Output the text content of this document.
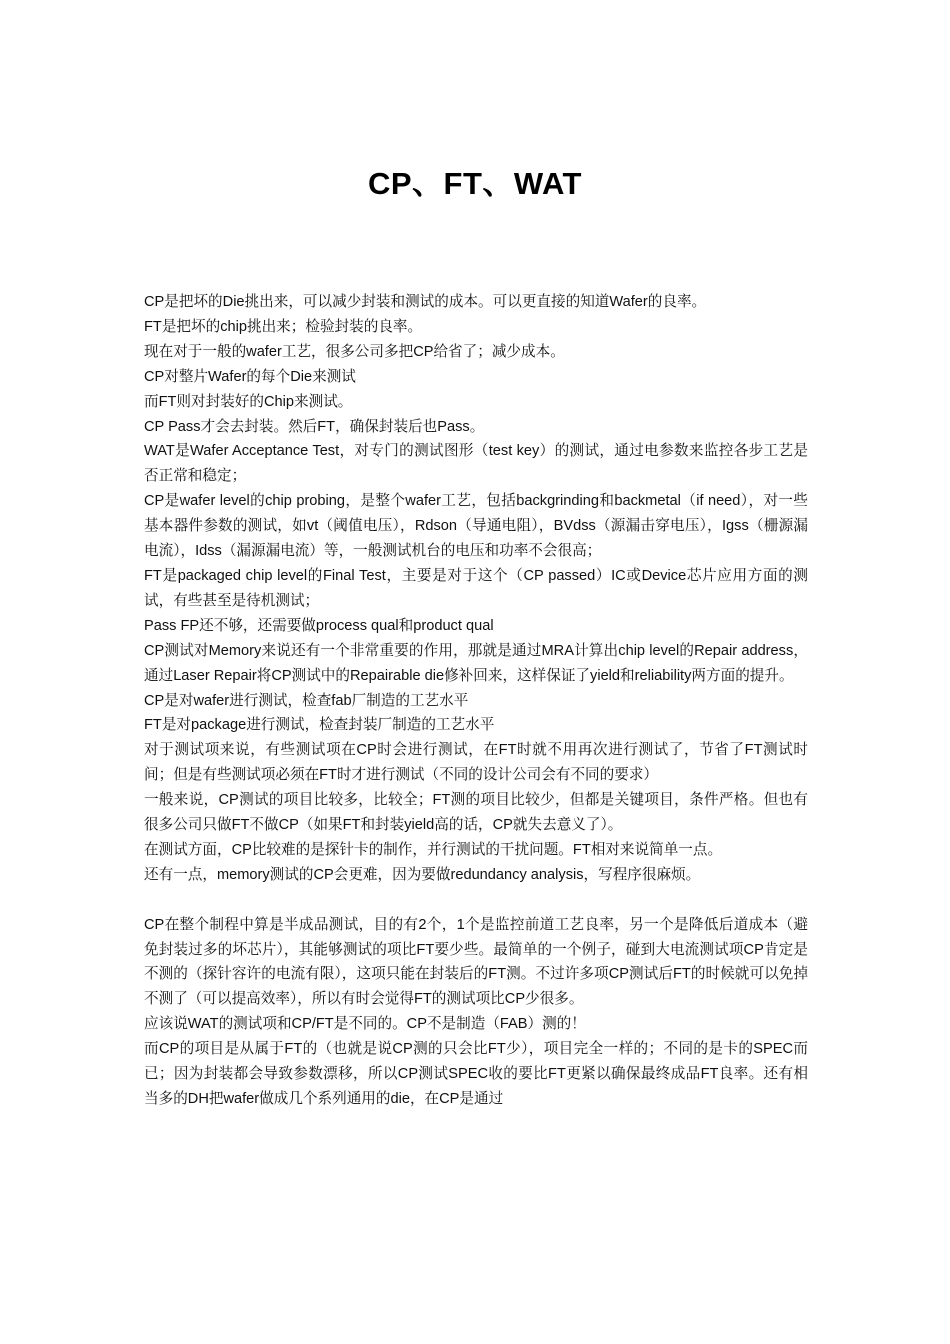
CP、FT、WAT

CP是把坏的Die挑出来，可以减少封装和测试的成本。可以更直接的知道Wafer的良率。

FT是把坏的chip挑出来；检验封装的良率。

现在对于一般的wafer工艺，很多公司多把CP给省了；减少成本。

CP对整片Wafer的每个Die来测试

而FT则对封装好的Chip来测试。

CP Pass才会去封装。然后FT，确保封装后也Pass。

WAT是Wafer Acceptance Test，对专门的测试图形（test key）的测试，通过电参数来监控各步工艺是否正常和稳定；

CP是wafer level的chip probing，是整个wafer工艺，包括backgrinding和backmetal（if need），对一些基本器件参数的测试，如vt（阈值电压），Rdson（导通电阻），BVdss（源漏击穿电压），Igss（栅源漏电流），Idss（漏源漏电流）等，一般测试机台的电压和功率不会很高；

FT是packaged chip level的Final Test，主要是对于这个（CP passed）IC或Device芯片应用方面的测试，有些甚至是待机测试；

Pass FP还不够，还需要做process qual和product qual

CP测试对Memory来说还有一个非常重要的作用，那就是通过MRA计算出chip level的Repair address，通过Laser Repair将CP测试中的Repairable die修补回来，这样保证了yield和reliability两方面的提升。

CP是对wafer进行测试，检查fab厂制造的工艺水平

FT是对package进行测试，检查封装厂制造的工艺水平

对于测试项来说，有些测试项在CP时会进行测试，在FT时就不用再次进行测试了，节省了FT测试时间；但是有些测试项必须在FT时才进行测试（不同的设计公司会有不同的要求）

一般来说，CP测试的项目比较多，比较全；FT测的项目比较少，但都是关键项目，条件严格。但也有很多公司只做FT不做CP（如果FT和封装yield高的话，CP就失去意义了）。

在测试方面，CP比较难的是探针卡的制作，并行测试的干扰问题。FT相对来说简单一点。

还有一点，memory测试的CP会更难，因为要做redundancy analysis，写程序很麻烦。

CP在整个制程中算是半成品测试，目的有2个，1个是监控前道工艺良率，另一个是降低后道成本（避免封装过多的坏芯片），其能够测试的项比FT要少些。最简单的一个例子，碰到大电流测试项CP肯定是不测的（探针容许的电流有限），这项只能在封装后的FT测。不过许多项CP测试后FT的时候就可以免掉不测了（可以提高效率），所以有时会觉得FT的测试项比CP少很多。

应该说WAT的测试项和CP/FT是不同的。CP不是制造（FAB）测的！

而CP的项目是从属于FT的（也就是说CP测的只会比FT少），项目完全一样的；不同的是卡的SPEC而已；因为封装都会导致参数漂移，所以CP测试SPEC收的要比FT更紧以确保最终成品FT良率。还有相当多的DH把wafer做成几个系列通用的die，在CP是通过
